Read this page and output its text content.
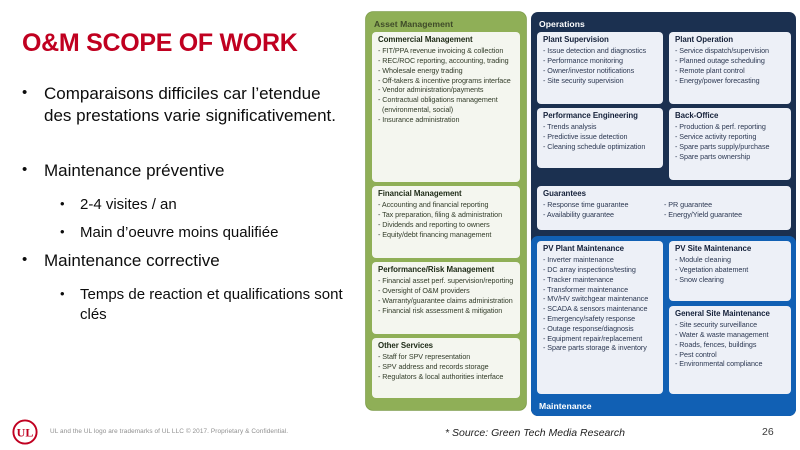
O&M SCOPE OF WORK
• Comparaisons difficiles car l’etendue des prestations varie significativement.
• Maintenance préventive
•	2-4 visites / an
•	Main d’oeuvre moins qualifiée
• Maintenance corrective
•	Temps de reaction et qualifications sont clés
UL	UL and the UL logo are trademarks of UL LLC © 2017. Proprietary & Confidential.	* Source: Green Tech Media Research	26
Asset Management	Operations
Maintenance
Commercial Management
- FIT/PPA revenue invoicing & collection
- REC/ROC reporting, accounting, trading
- Wholesale energy trading
- Off-takers & incentive programs interface
- Vendor administration/payments
- Contractual obligations management
(environmental, social)
- Insurance administration
Financial Management
- Accounting and financial reporting
- Tax preparation, filing & administration
- Dividends and reporting to owners
- Equity/debt financing management
Performance/Risk Management
- Financial asset perf. supervision/reporting
- Oversight of O&M providers
- Warranty/guarantee claims administration
- Financial risk assessment & mitigation
Other Services
- Staff for SPV representation
- SPV address and records storage
- Regulators & local authorities interface
Plant Supervision
- Issue detection and diagnostics
- Performance monitoring
- Owner/investor notifications
- Site security supervision
Performance Engineering
- Trends analysis
- Predictive issue detection
- Cleaning schedule optimization
Plant Operation
- Service dispatch/supervision
- Planned outage scheduling
- Remote plant control
- Energy/power forecasting
Back-Office
- Production & perf. reporting
- Service activity reporting
- Spare parts supply/purchase
- Spare parts ownership
Guarantees
- Response time guarantee
- Availability guarantee
- PR guarantee
- Energy/Yield guarantee
PV Plant Maintenance
- Inverter maintenance
- DC array inspections/testing
- Tracker maintenance
- Transformer maintenance
- MV/HV switchgear maintenance
- SCADA & sensors maintenance
- Emergency/safety response
- Outage response/diagnosis
- Equipment repair/replacement
- Spare parts storage & inventory
PV Site Maintenance
- Module cleaning
- Vegetation abatement
- Snow clearing
General Site Maintenance
- Site security surveillance
- Water & waste management
- Roads, fences, buildings
- Pest control
- Environmental compliance
